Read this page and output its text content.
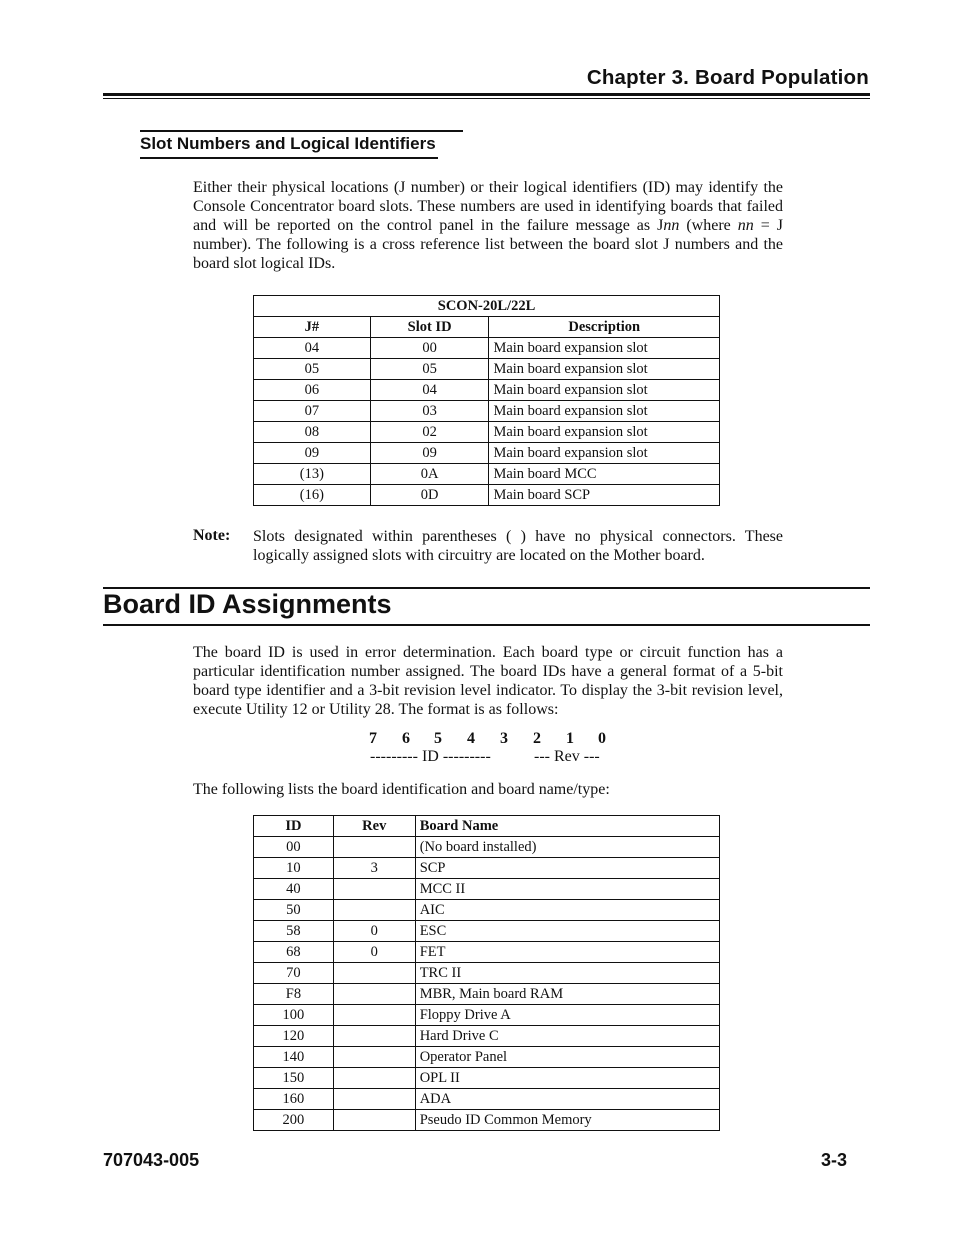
Chapter 3. Board Population
Slot Numbers and Logical Identifiers
Either their physical locations (J number) or their logical identifiers (ID) may identify the Console Concentrator board slots. These numbers are used in identifying boards that failed and will be reported on the control panel in the failure message as Jnn (where nn = J number). The following is a cross reference list between the board slot J numbers and the board slot logical IDs.
SCON-20L/22L		
J#	Slot ID	Description
04	00	Main board expansion slot
05	05	Main board expansion slot
06	04	Main board expansion slot
07	03	Main board expansion slot
08	02	Main board expansion slot
09	09	Main board expansion slot
(13)	0A	Main board MCC
(16)	0D	Main board SCP
Note: Slots designated within parentheses ( ) have no physical connectors. These logically assigned slots with circuitry are located on the Mother board.
Board ID Assignments
The board ID is used in error determination. Each board type or circuit function has a particular identification number assigned. The board IDs have a general format of a 5-bit board type identifier and a 3-bit revision level indicator. To display the 3-bit revision level, execute Utility 12 or Utility 28. The format is as follows:
7	6	5	4	3	2	1	0
--------- ID ---------	--- Rev ---
The following lists the board identification and board name/type:
ID	Rev	Board Name
00		(No board installed)
10	3	SCP
40		MCC II
50		AIC
58	0	ESC
68	0	FET
70		TRC II
F8		MBR, Main board RAM
100		Floppy Drive A
120		Hard Drive C
140		Operator Panel
150		OPL II
160		ADA
200		Pseudo ID Common Memory
707043-005	3-3
